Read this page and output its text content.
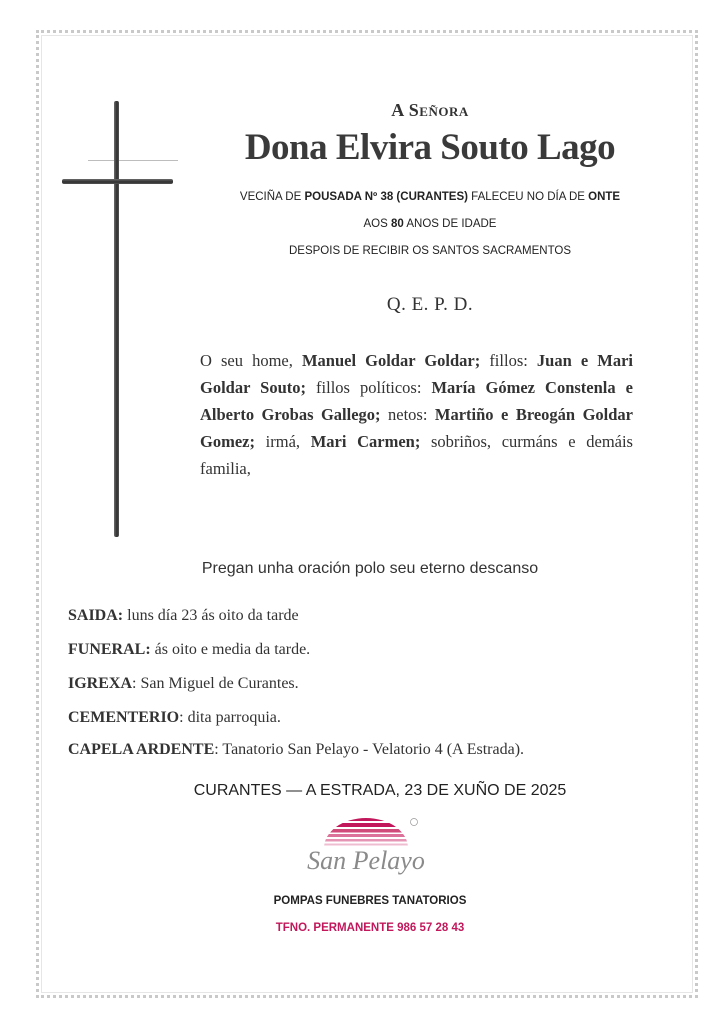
A Señora
Dona Elvira Souto Lago
VECIÑA DE POUSADA Nº 38 (CURANTES) FALECEU NO DÍA DE ONTE
AOS 80 ANOS DE IDADE
DESPOIS DE RECIBIR OS SANTOS SACRAMENTOS
Q. E. P. D.

O seu home, Manuel Goldar Goldar; fillos: Juan e Mari Goldar Souto; fillos políticos: María Gómez Constenla e Alberto Grobas Gallego; netos: Martiño e Breogán Goldar Gomez; irmá, Mari Carmen; sobriños, curmáns e demáis familia,

Pregan unha oración polo seu eterno descanso
SAIDA: luns día 23 ás oito da tarde
FUNERAL: ás oito e media da tarde.
IGREXA: San Miguel de Curantes.
CEMENTERIO: dita parroquia.
CAPELA ARDENTE: Tanatorio San Pelayo - Velatorio 4 (A Estrada).
CURANTES — A ESTRADA, 23 DE XUÑO DE 2025
San Pelayo
POMPAS FUNEBRES TANATORIOS
TFNO. PERMANENTE 986 57 28 43
